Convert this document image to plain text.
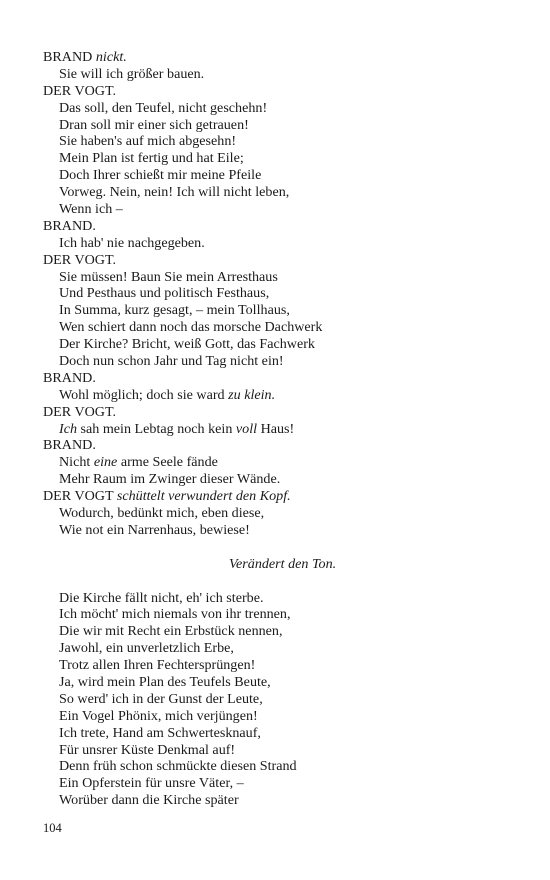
BRAND nickt.
Sie will ich größer bauen.
DER VOGT.
Das soll, den Teufel, nicht geschehn!
Dran soll mir einer sich getrauen!
Sie haben's auf mich abgesehn!
Mein Plan ist fertig und hat Eile;
Doch Ihrer schießt mir meine Pfeile
Vorweg. Nein, nein! Ich will nicht leben,
Wenn ich –
BRAND.
Ich hab' nie nachgegeben.
DER VOGT.
Sie müssen! Baun Sie mein Arresthaus
Und Pesthaus und politisch Festhaus,
In Summa, kurz gesagt, – mein Tollhaus,
Wen schiert dann noch das morsche Dachwerk
Der Kirche? Bricht, weiß Gott, das Fachwerk
Doch nun schon Jahr und Tag nicht ein!
BRAND.
Wohl möglich; doch sie ward zu klein.
DER VOGT.
Ich sah mein Lebtag noch kein voll Haus!
BRAND.
Nicht eine arme Seele fände
Mehr Raum im Zwinger dieser Wände.
DER VOGT schüttelt verwundert den Kopf.
Wodurch, bedünkt mich, eben diese,
Wie not ein Narrenhaus, bewiese!
Verändert den Ton.
Die Kirche fällt nicht, eh' ich sterbe.
Ich möcht' mich niemals von ihr trennen,
Die wir mit Recht ein Erbstück nennen,
Jawohl, ein unverletzlich Erbe,
Trotz allen Ihren Fechtersprüngen!
Ja, wird mein Plan des Teufels Beute,
So werd' ich in der Gunst der Leute,
Ein Vogel Phönix, mich verjüngen!
Ich trete, Hand am Schwertesknauf,
Für unsrer Küste Denkmal auf!
Denn früh schon schmückte diesen Strand
Ein Opferstein für unsre Väter, –
Worüber dann die Kirche später
104
